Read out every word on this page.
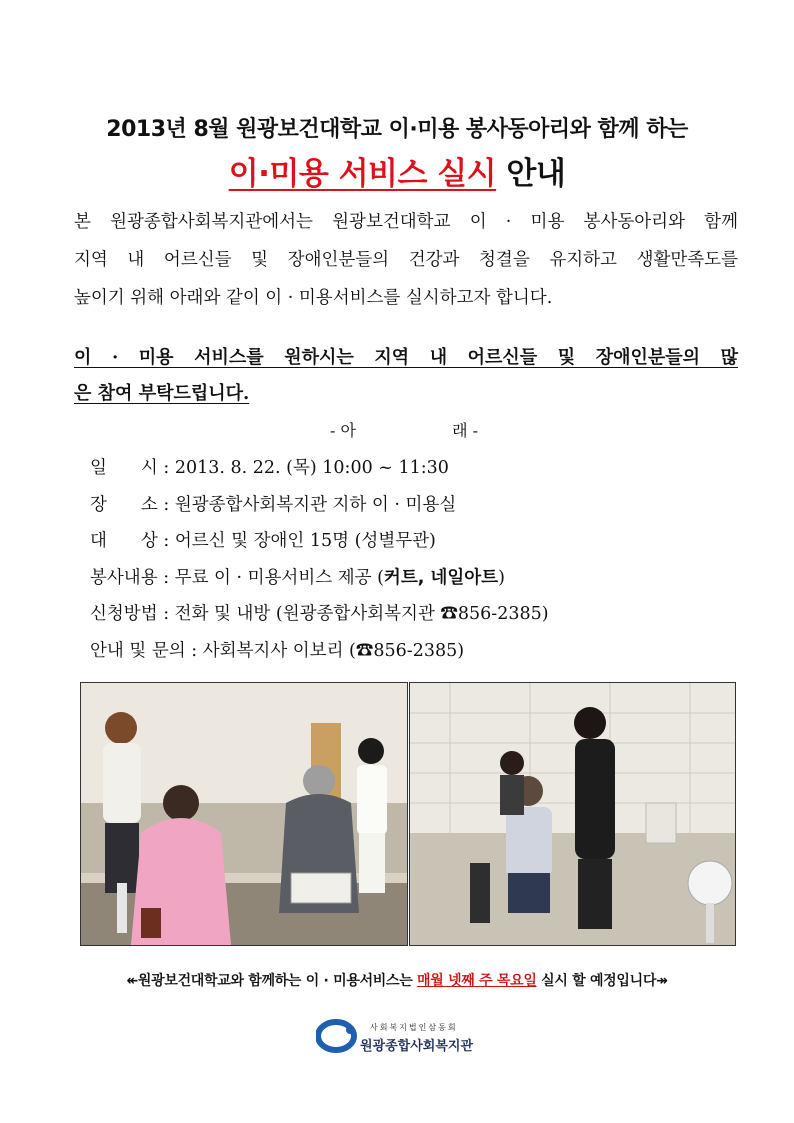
2013년 8월 원광보건대학교 이·미용 봉사동아리와 함께 하는
이·미용 서비스 실시 안내
본 원광종합사회복지관에서는 원광보건대학교 이 · 미용 봉사동아리와 함께
지역 내 어르신들 및 장애인분들의 건강과 청결을 유지하고 생활만족도를
높이기 위해 아래와 같이 이 · 미용서비스를 실시하고자 합니다.
이 · 미용 서비스를 원하시는 지역 내 어르신들 및 장애인분들의 많
은 참여 부탁드립니다.
- 아	래 -
일 시 : 2013. 8. 22. (목) 10:00 ~ 11:30
장 소 : 원광종합사회복지관 지하 이 · 미용실
대 상 : 어르신 및 장애인 15명 (성별무관)
봉사내용 : 무료 이 · 미용서비스 제공 (커트, 네일아트)
신청방법 : 전화 및 내방 (원광종합사회복지관 ☎856-2385)
안내 및 문의 : 사회복지사 이보리 (☎856-2385)
↞원광보건대학교와 함께하는 이 · 미용서비스는 매월 넷째 주 목요일 실시 할 예정입니다↠
사회복지법인삼동회
원광종합사회복지관
